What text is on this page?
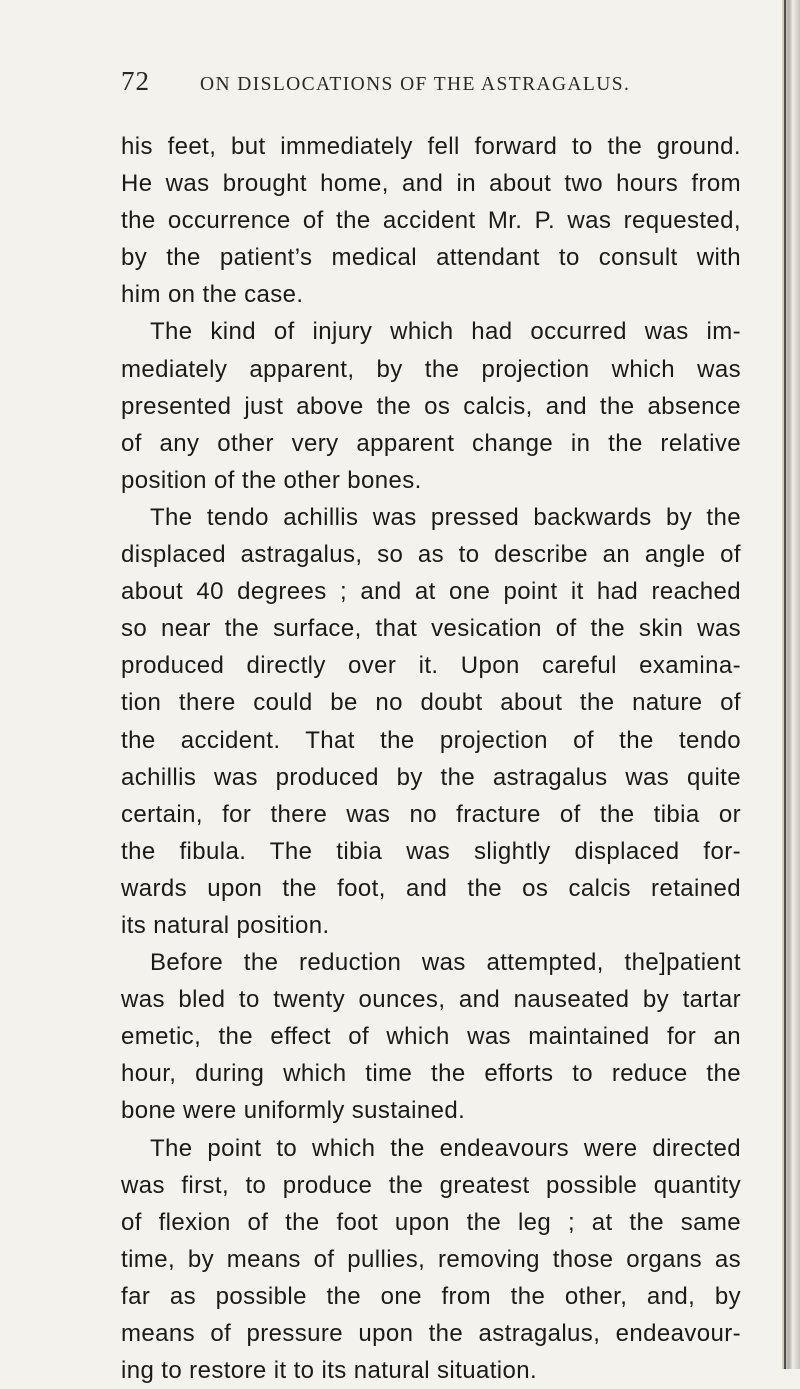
72	ON DISLOCATIONS OF THE ASTRAGALUS.
his feet, but immediately fell forward to the ground.
He was brought home, and in about two hours from
the occurrence of the accident Mr. P. was requested,
by the patient’s medical attendant to consult with
him on the case.
The kind of injury which had occurred was im-
mediately apparent, by the projection which was
presented just above the os calcis, and the absence
of any other very apparent change in the relative
position of the other bones.
The tendo achillis was pressed backwards by the
displaced astragalus, so as to describe an angle of
about 40 degrees ; and at one point it had reached
so near the surface, that vesication of the skin was
produced directly over it. Upon careful examina-
tion there could be no doubt about the nature of
the accident. That the projection of the tendo
achillis was produced by the astragalus was quite
certain, for there was no fracture of the tibia or
the fibula. The tibia was slightly displaced for-
wards upon the foot, and the os calcis retained
its natural position.
Before the reduction was attempted, the]patient
was bled to twenty ounces, and nauseated by tartar
emetic, the effect of which was maintained for an
hour, during which time the efforts to reduce the
bone were uniformly sustained.
The point to which the endeavours were directed
was first, to produce the greatest possible quantity
of flexion of the foot upon the leg ; at the same
time, by means of pullies, removing those organs as
far as possible the one from the other, and, by
means of pressure upon the astragalus, endeavour-
ing to restore it to its natural situation.
